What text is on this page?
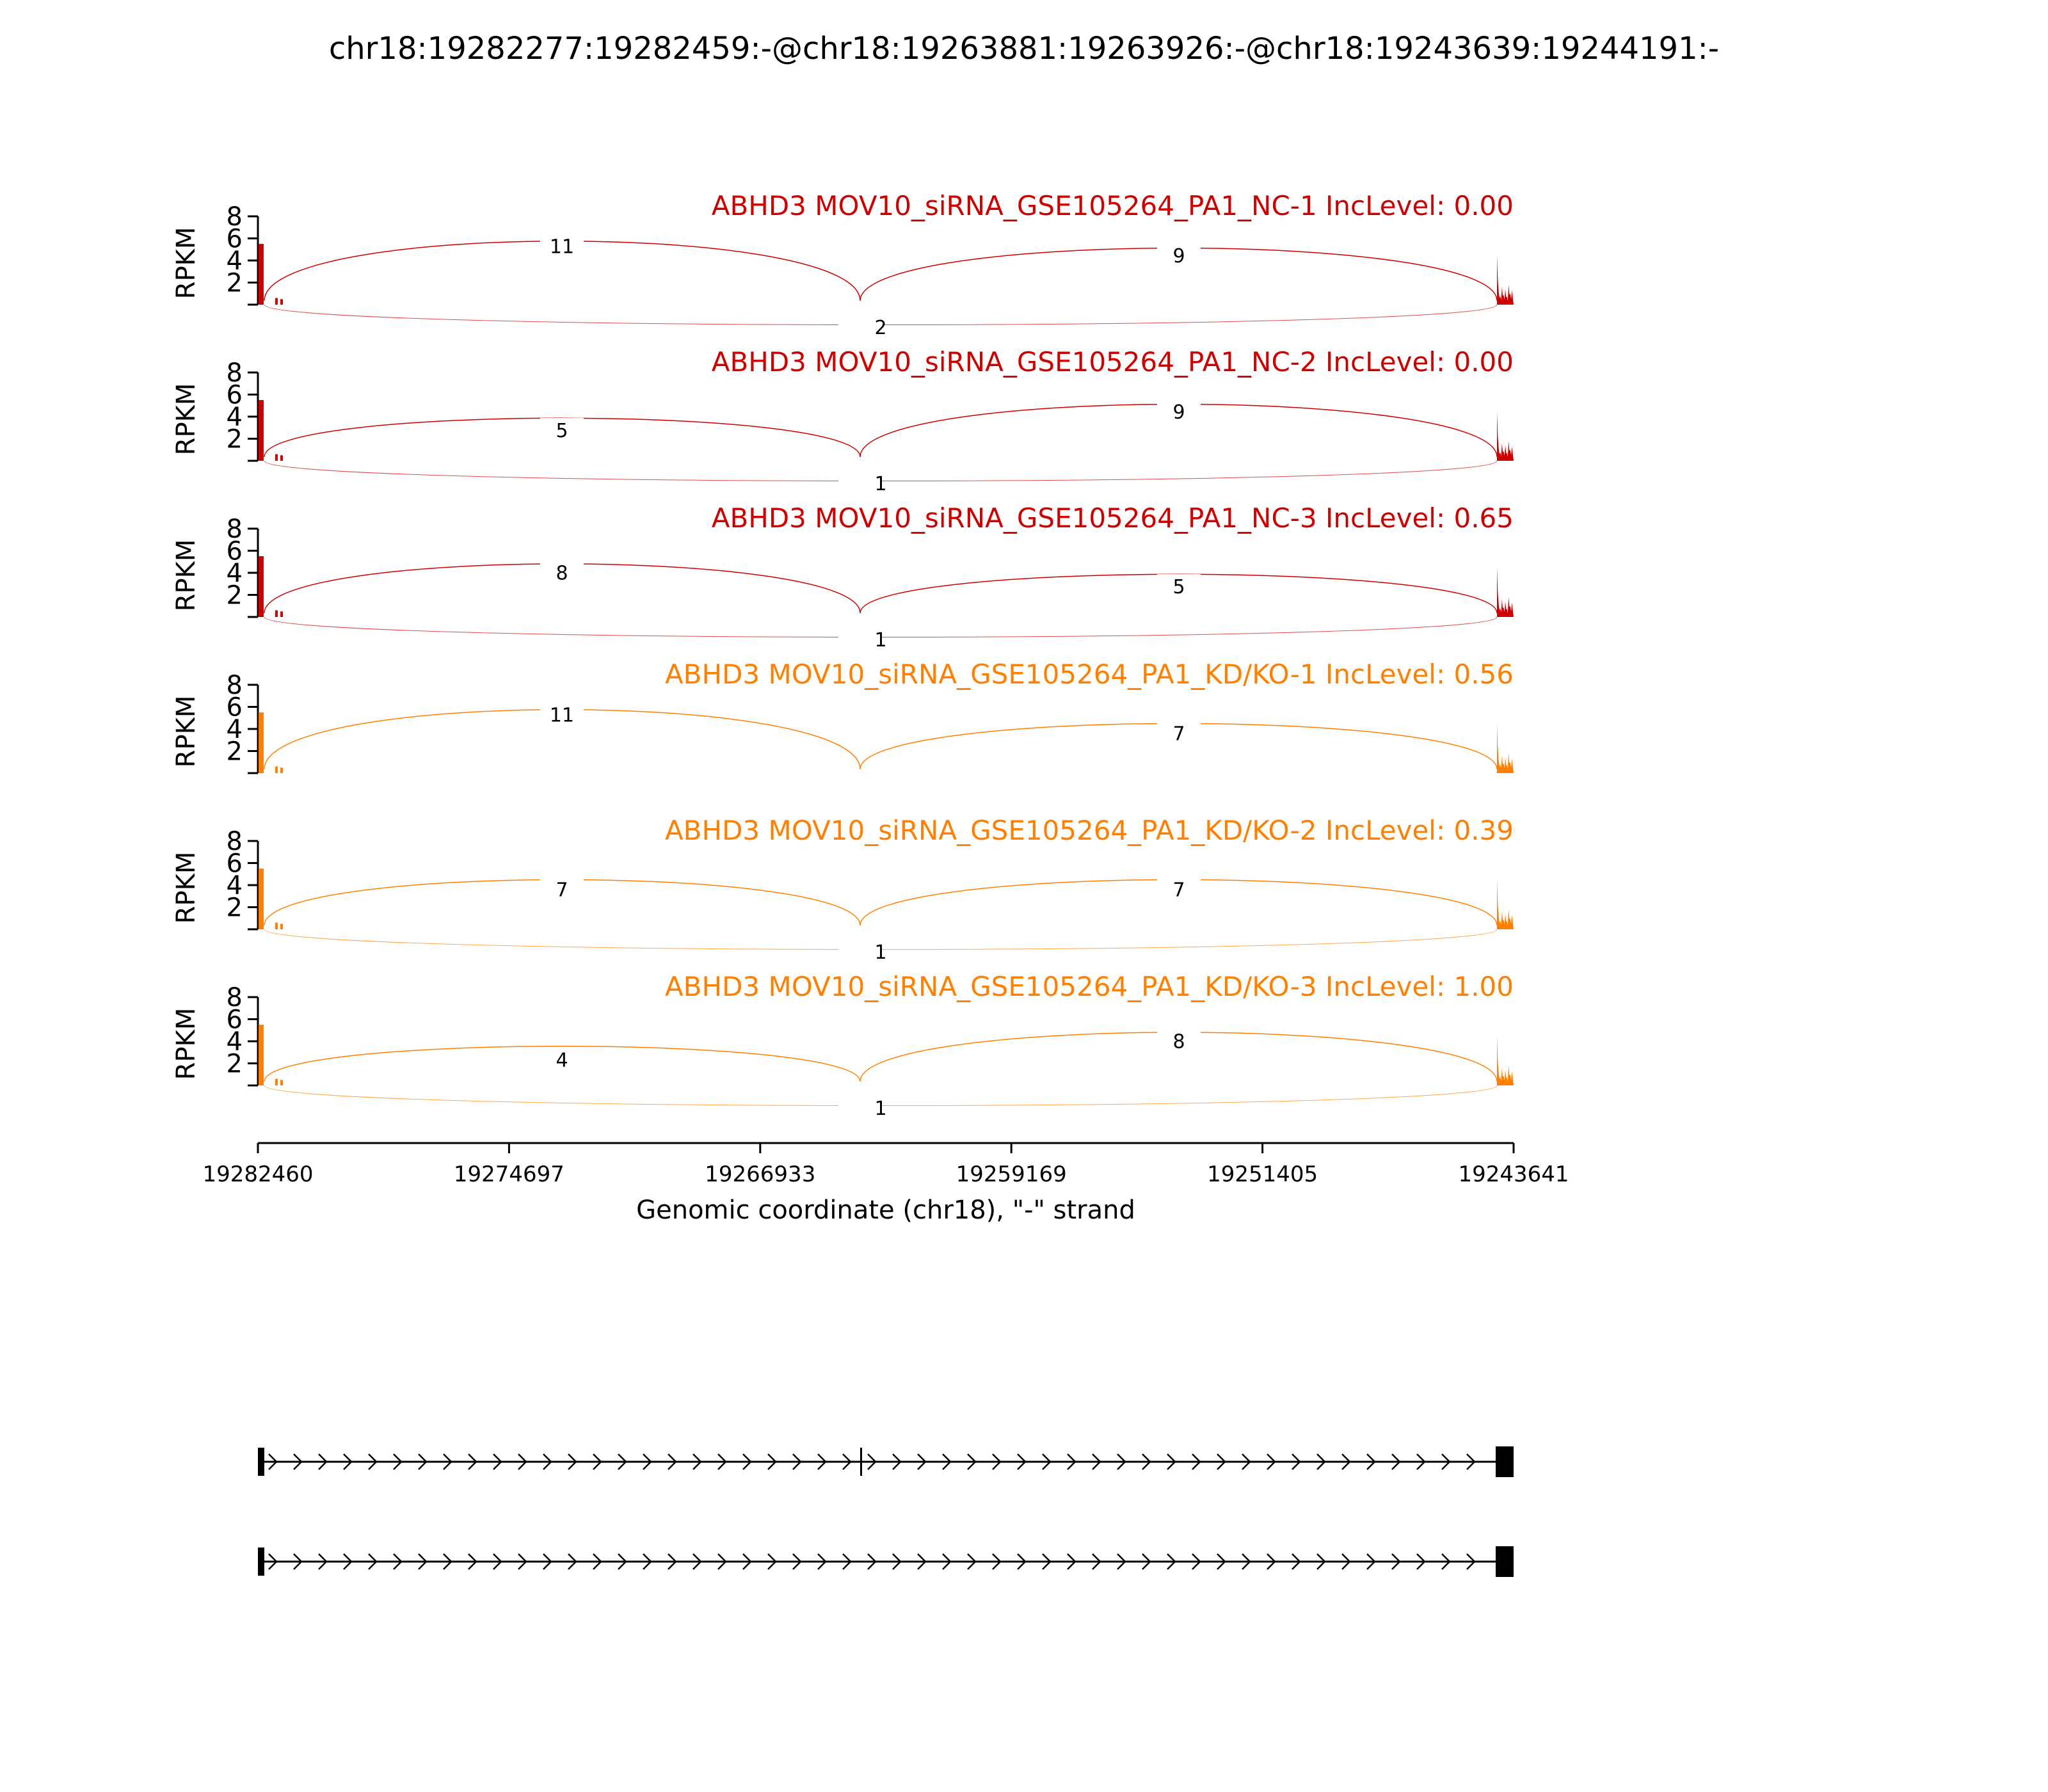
chr18:19282277:19282459:-@chr18:19263881:19263926:-@chr18:19243639:19244191:-
2
4
6
8
RPKM
ABHD3 MOV10_siRNA_GSE105264_PA1_NC-1 IncLevel: 0.00
11	9
2
2
4
6
8
RPKM
ABHD3 MOV10_siRNA_GSE105264_PA1_NC-2 IncLevel: 0.00
5
9
1
2
4
6
8
RPKM
ABHD3 MOV10_siRNA_GSE105264_PA1_NC-3 IncLevel: 0.65
8
5
1
2
4
6
8
RPKM
ABHD3 MOV10_siRNA_GSE105264_PA1_KD/KO-1 IncLevel: 0.56
11
7
2
4
6
8
RPKM
ABHD3 MOV10_siRNA_GSE105264_PA1_KD/KO-2 IncLevel: 0.39
7	7
1
2
4
6
8
RPKM
ABHD3 MOV10_siRNA_GSE105264_PA1_KD/KO-3 IncLevel: 1.00
4
8
1
19282460	19274697	19266933	19259169	19251405	19243641
Genomic coordinate (chr18), "-" strand
